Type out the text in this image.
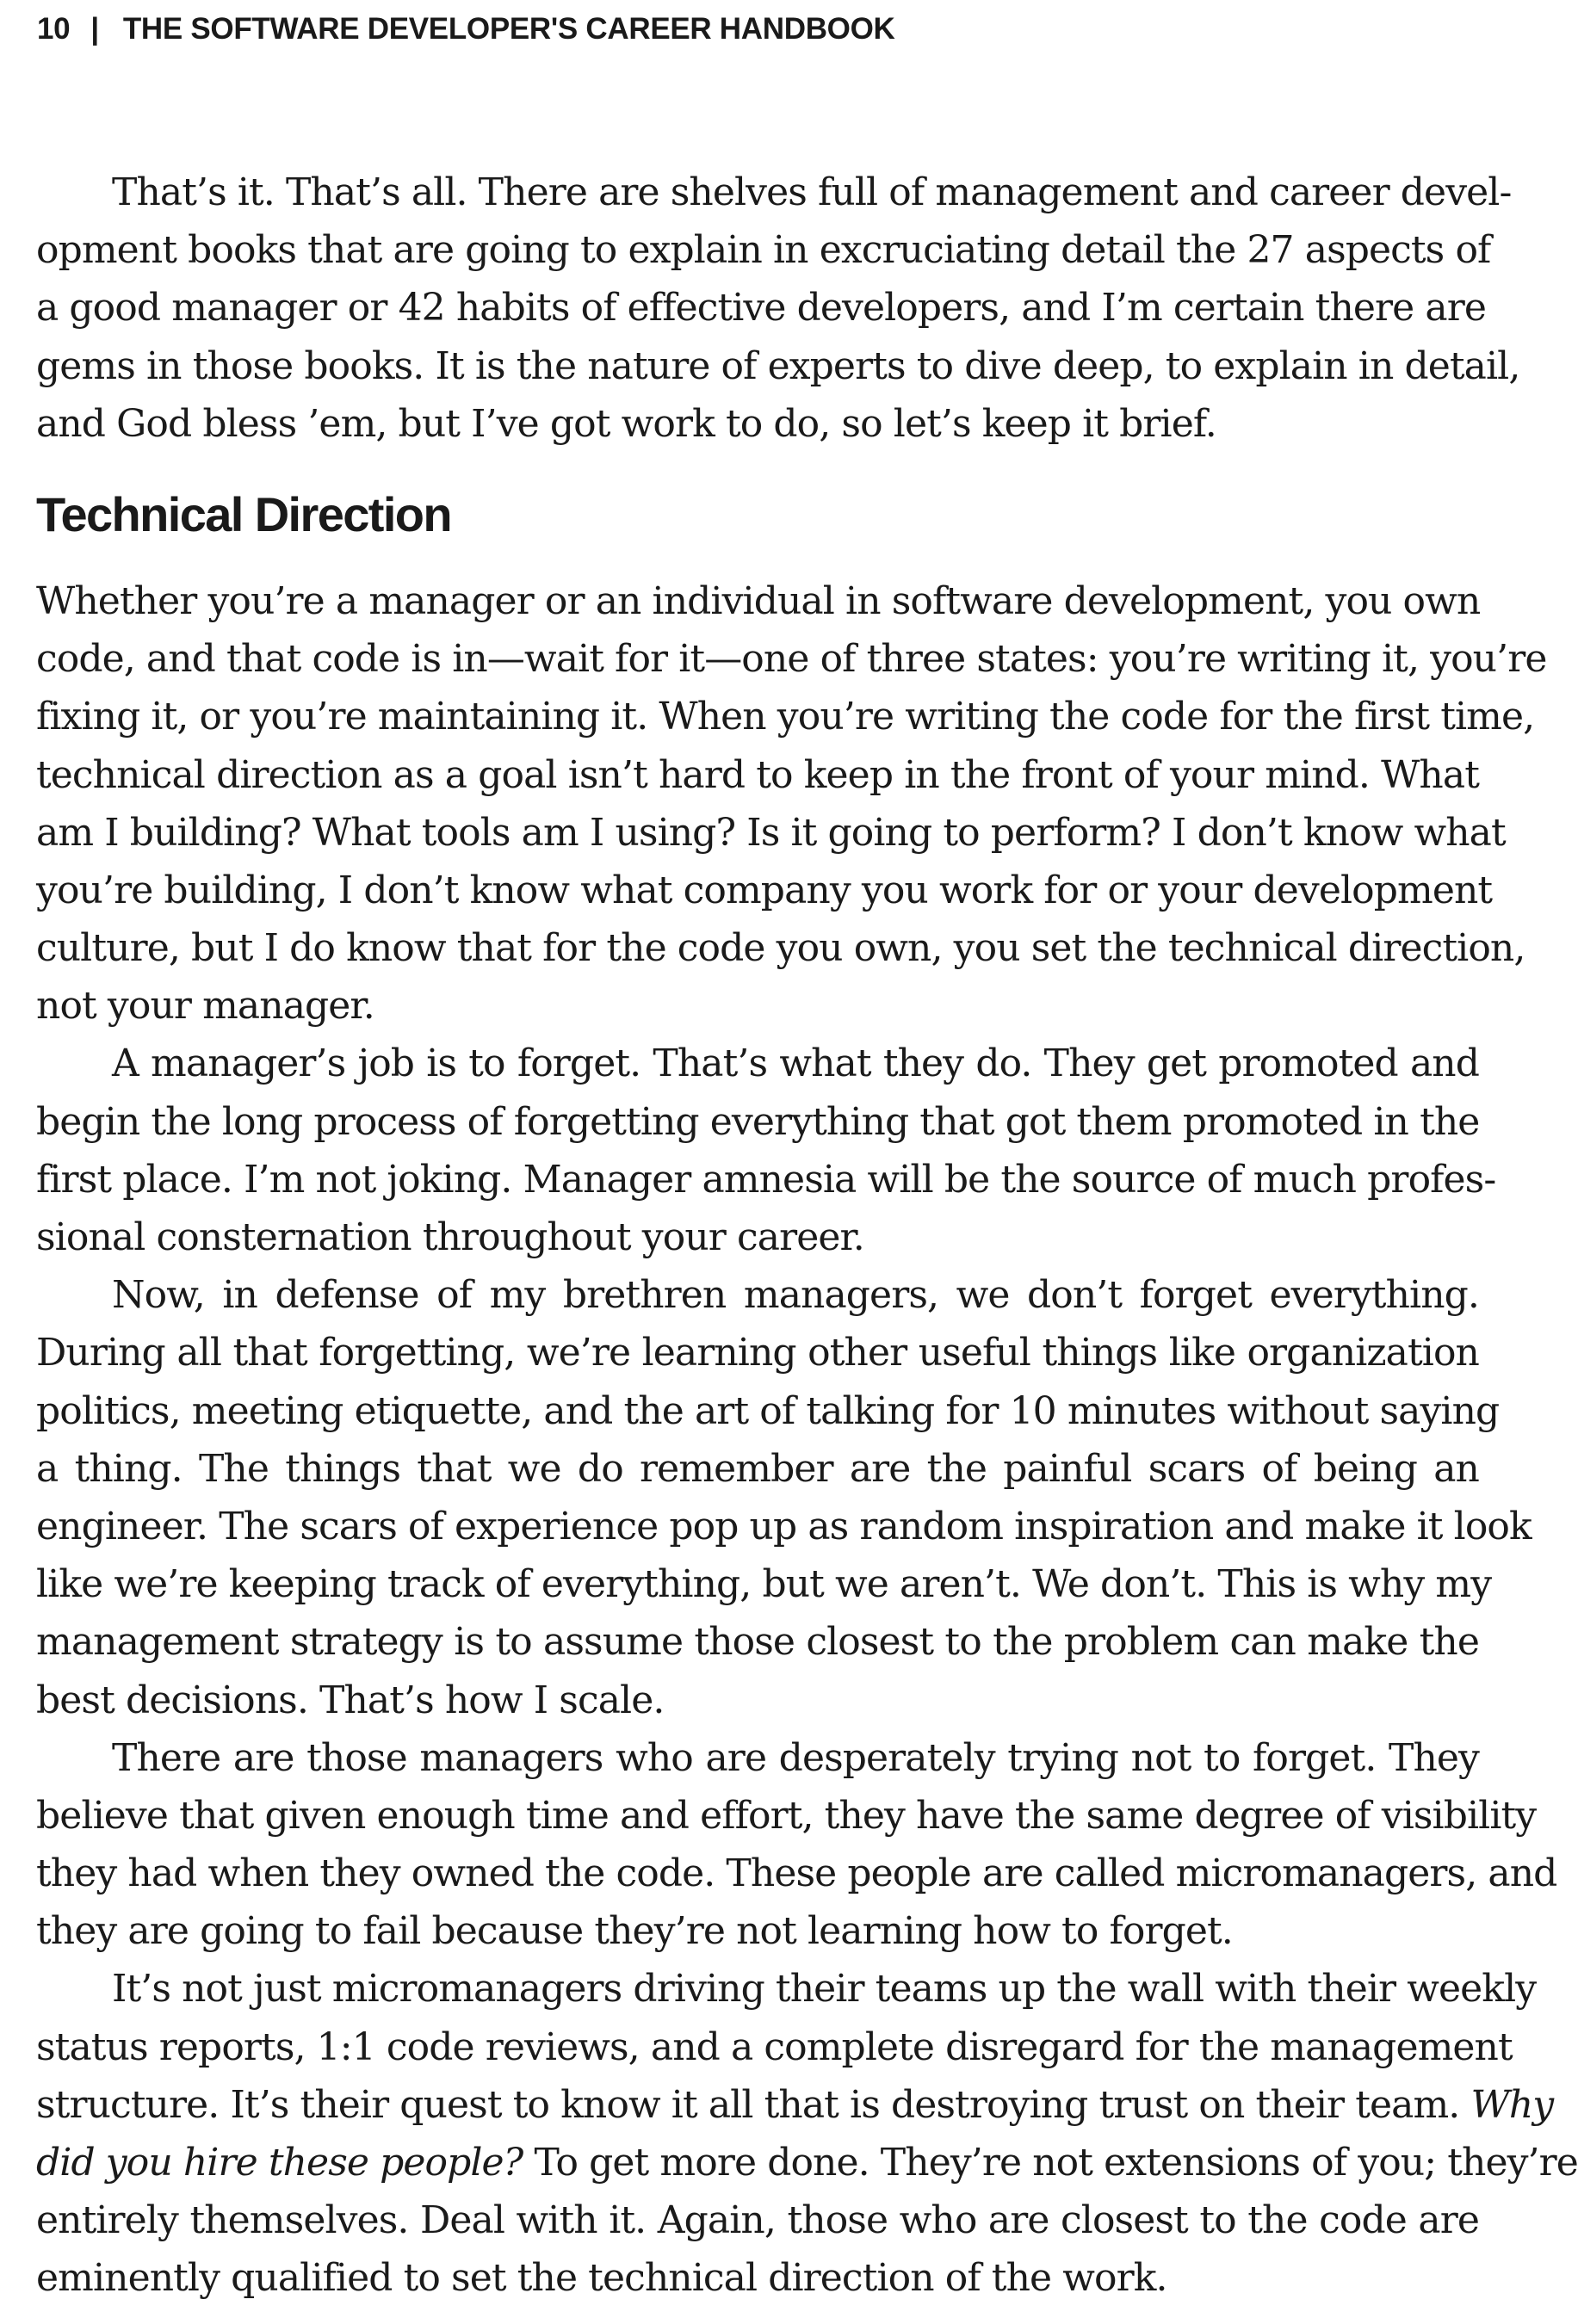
10 | THE SOFTWARE DEVELOPER'S CAREER HANDBOOK
That’s it. That’s all. There are shelves full of management and career devel-
opment books that are going to explain in excruciating detail the 27 aspects of
a good manager or 42 habits of effective developers, and I’m certain there are
gems in those books. It is the nature of experts to dive deep, to explain in detail,
and God bless ’em, but I’ve got work to do, so let’s keep it brief.
Technical Direction
Whether you’re a manager or an individual in software development, you own
code, and that code is in—wait for it—one of three states: you’re writing it, you’re
fixing it, or you’re maintaining it. When you’re writing the code for the first time,
technical direction as a goal isn’t hard to keep in the front of your mind. What
am I building? What tools am I using? Is it going to perform? I don’t know what
you’re building, I don’t know what company you work for or your development
culture, but I do know that for the code you own, you set the technical direction,
not your manager.
A manager’s job is to forget. That’s what they do. They get promoted and
begin the long process of forgetting everything that got them promoted in the
first place. I’m not joking. Manager amnesia will be the source of much profes-
sional consternation throughout your career.
Now, in defense of my brethren managers, we don’t forget everything.
During all that forgetting, we’re learning other useful things like organization
politics, meeting etiquette, and the art of talking for 10 minutes without saying
a thing. The things that we do remember are the painful scars of being an
engineer. The scars of experience pop up as random inspiration and make it look
like we’re keeping track of everything, but we aren’t. We don’t. This is why my
management strategy is to assume those closest to the problem can make the
best decisions. That’s how I scale.
There are those managers who are desperately trying not to forget. They
believe that given enough time and effort, they have the same degree of visibility
they had when they owned the code. These people are called micromanagers, and
they are going to fail because they’re not learning how to forget.
It’s not just micromanagers driving their teams up the wall with their weekly
status reports, 1:1 code reviews, and a complete disregard for the management
structure. It’s their quest to know it all that is destroying trust on their team. Why
did you hire these people? To get more done. They’re not extensions of you; they’re
entirely themselves. Deal with it. Again, those who are closest to the code are
eminently qualified to set the technical direction of the work.
